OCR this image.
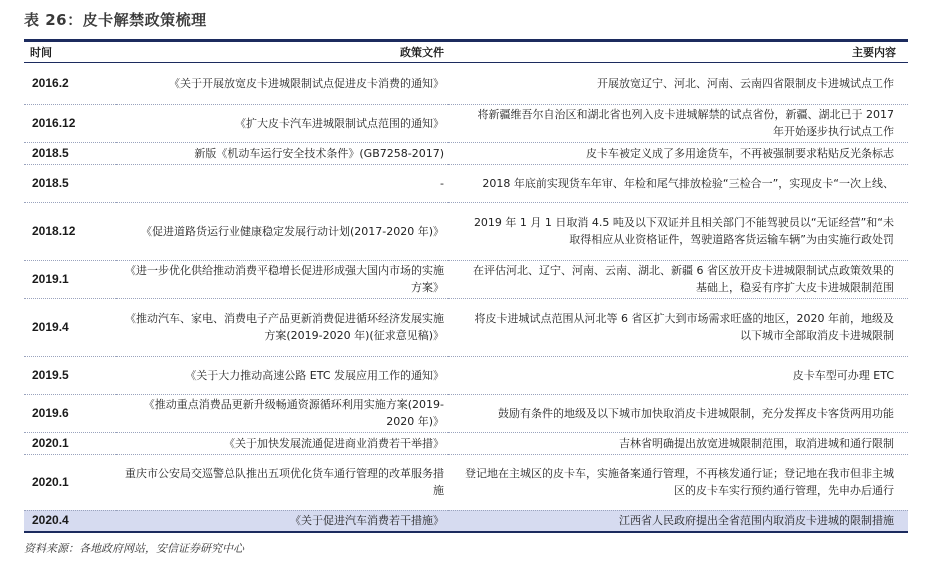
表 26：皮卡解禁政策梳理
时间	政策文件	主要内容
2016.2	《关于开展放宽皮卡进城限制试点促进皮卡消费的通知》	开展放宽辽宁、河北、河南、云南四省限制皮卡进城试点工作
2016.12	《扩大皮卡汽车进城限制试点范围的通知》	将新疆维吾尔自治区和湖北省也列入皮卡进城解禁的试点省份，新疆、湖北已于 2017 年开始逐步执行试点工作
2018.5	新版《机动车运行安全技术条件》(GB7258-2017)	皮卡车被定义成了多用途货车，不再被强制要求粘贴反光条标志
2018.5	-	2018 年底前实现货车年审、年检和尾气排放检验“三检合一”，实现皮卡“一次上线、
2018.12	《促进道路货运行业健康稳定发展行动计划(2017-2020 年)》	2019 年 1 月 1 日取消 4.5 吨及以下双证并且相关部门不能驾驶员以“无证经营”和“未取得相应从业资格证件，驾驶道路客货运输车辆”为由实施行政处罚
2019.1	《进一步优化供给推动消费平稳增长促进形成强大国内市场的实施方案》	在评估河北、辽宁、河南、云南、湖北、新疆 6 省区放开皮卡进城限制试点政策效果的基础上，稳妥有序扩大皮卡进城限制范围
2019.4	《推动汽车、家电、消费电子产品更新消费促进循环经济发展实施方案(2019-2020 年)(征求意见稿)》	将皮卡进城试点范围从河北等 6 省区扩大到市场需求旺盛的地区，2020 年前，地级及以下城市全部取消皮卡进城限制
2019.5	《关于大力推动高速公路 ETC 发展应用工作的通知》	皮卡车型可办理 ETC
2019.6	《推动重点消费品更新升级畅通资源循环利用实施方案(2019-2020 年)》	鼓励有条件的地级及以下城市加快取消皮卡进城限制，充分发挥皮卡客货两用功能
2020.1	《关于加快发展流通促进商业消费若干举措》	吉林省明确提出放宽进城限制范围，取消进城和通行限制
2020.1	重庆市公安局交巡警总队推出五项优化货车通行管理的改革服务措施	登记地在主城区的皮卡车，实施备案通行管理，不再核发通行证；登记地在我市但非主城区的皮卡车实行预约通行管理，先申办后通行
2020.4	《关于促进汽车消费若干措施》	江西省人民政府提出全省范围内取消皮卡进城的限制措施
资料来源：各地政府网站，安信证券研究中心
